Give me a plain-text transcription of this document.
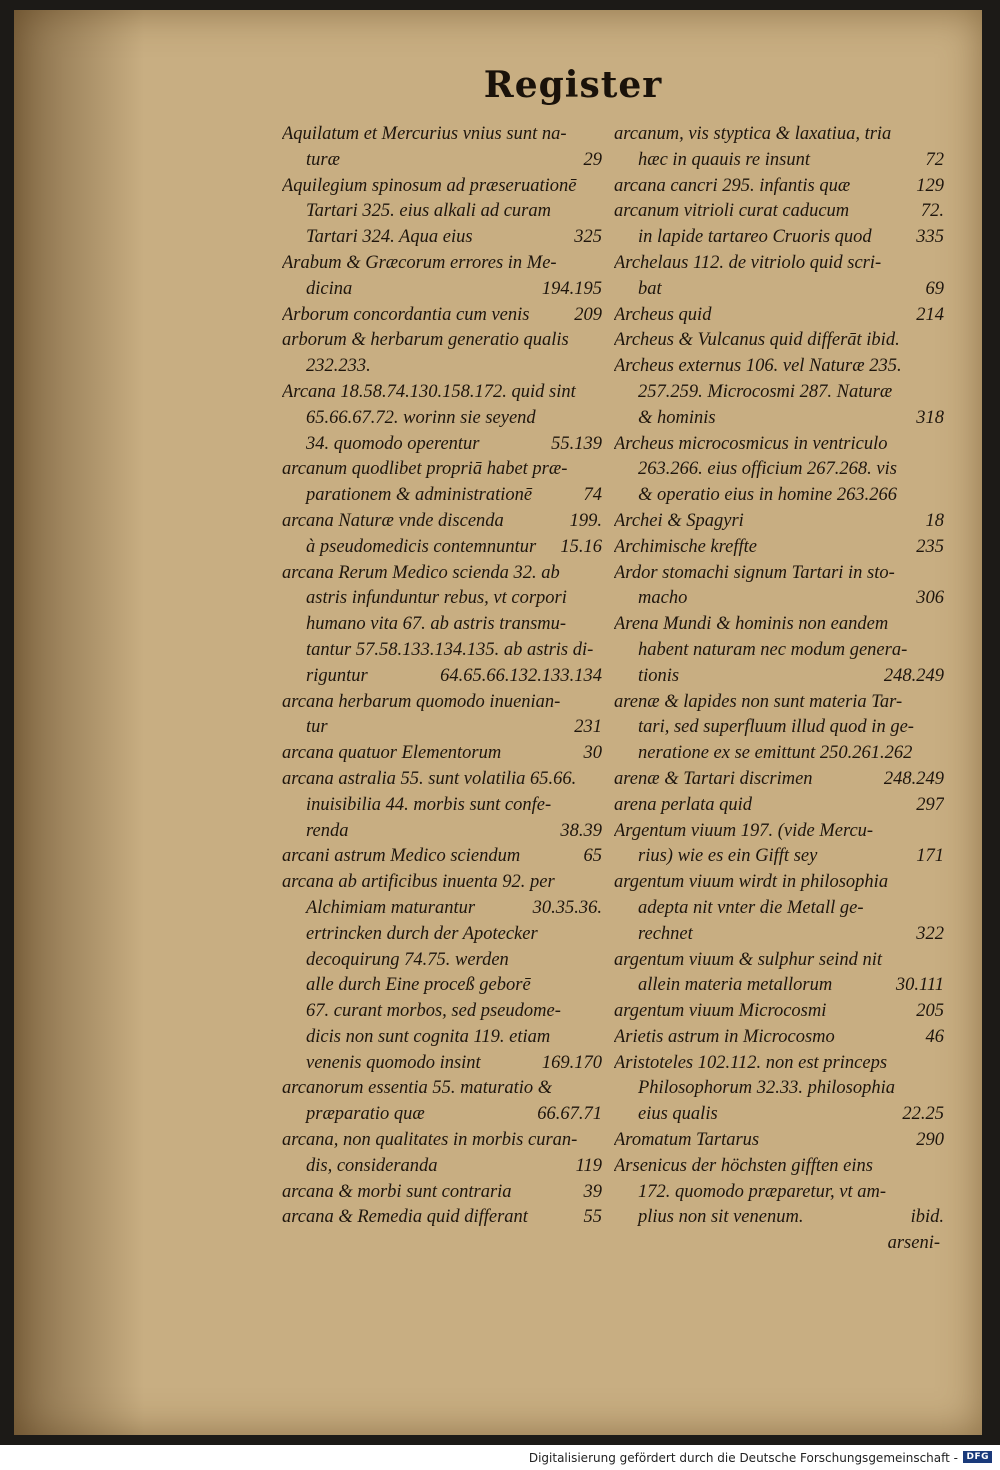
Register
Aquilatum et Mercurius vnius sunt na-
turæ	29
Aquilegium spinosum ad præseruationē
Tartari 325. eius alkali ad curam
Tartari 324. Aqua eius	325
Arabum & Græcorum errores in Me-
dicina	194.195
Arborum concordantia cum venis 209
arborum & herbarum generatio qualis
232.233.
Arcana 18.58.74.130.158.172. quid sint
65.66.67.72. worinn sie seyend
34. quomodo operentur	55.139
arcanum quodlibet propriā habet præ-
parationem & administrationē	74
arcana Naturæ vnde discenda	199.
à pseudomedicis contemnuntur 15.16
arcana Rerum Medico scienda 32. ab
astris infunduntur rebus, vt corpori
humano vita 67. ab astris transmu-
tantur 57.58.133.134.135. ab astris di-
riguntur	64.65.66.132.133.134
arcana herbarum quomodo inuenian-
tur	231
arcana quatuor Elementorum	30
arcana astralia 55. sunt volatilia 65.66.
inuisibilia 44. morbis sunt confe-
renda	38.39
arcani astrum Medico sciendum	65
arcana ab artificibus inuenta 92. per
Alchimiam maturantur	30.35.36.
ertrincken durch der Apotecker
decoquirung 74.75. werden
alle durch Eine proceß geborē
67. curant morbos, sed pseudome-
dicis non sunt cognita 119. etiam
venenis quomodo insint	169.170
arcanorum essentia 55. maturatio &
præparatio quæ	66.67.71
arcana, non qualitates in morbis curan-
dis, consideranda	119
arcana & morbi sunt contraria	39
arcana & Remedia quid differant	55
arcanum, vis styptica & laxatiua, tria
hæc in quauis re insunt	72
arcana cancri 295. infantis quæ	129
arcanum vitrioli curat caducum	72.
in lapide tartareo Cruoris quod 335
Archelaus 112. de vitriolo quid scri-
bat	69
Archeus quid	214
Archeus & Vulcanus quid differāt ibid.
Archeus externus 106. vel Naturæ 235.
257.259. Microcosmi 287. Naturæ
& hominis	318
Archeus microcosmicus in ventriculo
263.266. eius officium 267.268. vis
& operatio eius in homine 263.266
Archei & Spagyri	18
Archimische kreffte	235
Ardor stomachi signum Tartari in sto-
macho	306
Arena Mundi & hominis non eandem
habent naturam nec modum genera-
tionis	248.249
arenæ & lapides non sunt materia Tar-
tari, sed superfluum illud quod in ge-
neratione ex se emittunt 250.261.262
arenæ & Tartari discrimen	248.249
arena perlata quid	297
Argentum viuum 197. (vide Mercu-
rius) wie es ein Gifft sey	171
argentum viuum wirdt in philosophia
adepta nit vnter die Metall ge-
rechnet	322
argentum viuum & sulphur seind nit
allein materia metallorum	30.111
argentum viuum Microcosmi	205
Arietis astrum in Microcosmo	46
Aristoteles 102.112. non est princeps
Philosophorum 32.33. philosophia
eius qualis	22.25
Aromatum Tartarus	290
Arsenicus der höchsten gifften eins
172. quomodo præparetur, vt am-
plius non sit venenum.	ibid.
arseni-
Digitalisierung gefördert durch die Deutsche Forschungsgemeinschaft - DFG
